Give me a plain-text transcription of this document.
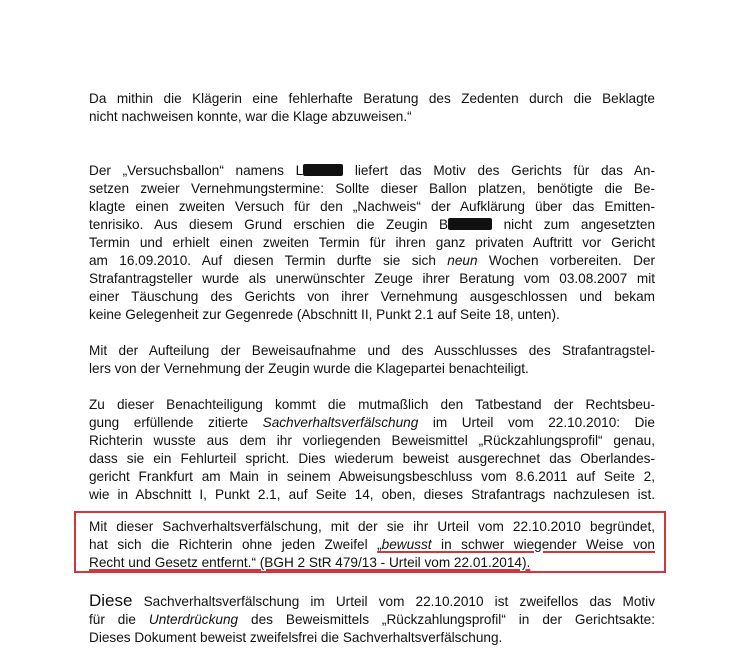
Da mithin die Klägerin eine fehlerhafte Beratung des Zedenten durch die Beklagte
nicht nachweisen konnte, war die Klage abzuweisen.“
Der „Versuchsballon“ namens L	liefert das Motiv des Gerichts für das An-
setzen zweier Vernehmungstermine: Sollte dieser Ballon platzen, benötigte die Be-
klagte einen zweiten Versuch für den „Nachweis“ der Aufklärung über das Emitten-
tenrisiko. Aus diesem Grund erschien die Zeugin B	nicht zum angesetzten
Termin und erhielt einen zweiten Termin für ihren ganz privaten Auftritt vor Gericht
am 16.09.2010. Auf diesen Termin durfte sie sich neun Wochen vorbereiten. Der
Strafantragsteller wurde als unerwünschter Zeuge ihrer Beratung vom 03.08.2007 mit
einer Täuschung des Gerichts von ihrer Vernehmung ausgeschlossen und bekam
keine Gelegenheit zur Gegenrede (Abschnitt II, Punkt 2.1 auf Seite 18, unten).
Mit der Aufteilung der Beweisaufnahme und des Ausschlusses des Strafantragstel-
lers von der Vernehmung der Zeugin wurde die Klagepartei benachteiligt.
Zu dieser Benachteiligung kommt die mutmaßlich den Tatbestand der Rechtsbeu-
gung erfüllende zitierte Sachverhaltsverfälschung im Urteil vom 22.10.2010: Die
Richterin wusste aus dem ihr vorliegenden Beweismittel „Rückzahlungsprofil“ genau,
dass sie ein Fehlurteil spricht. Dies wiederum beweist ausgerechnet das Oberlandes-
gericht Frankfurt am Main in seinem Abweisungsbeschluss vom 8.6.2011 auf Seite 2,
wie in Abschnitt I, Punkt 2.1, auf Seite 14, oben, dieses Strafantrags nachzulesen ist.
Mit dieser Sachverhaltsverfälschung, mit der sie ihr Urteil vom 22.10.2010 begründet,
hat sich die Richterin ohne jeden Zweifel „bewusst in schwer wiegender Weise von
Recht und Gesetz entfernt.“ (BGH 2 StR 479/13 - Urteil vom 22.01.2014).
Diese Sachverhaltsverfälschung im Urteil vom 22.10.2010 ist zweifellos das Motiv
für die Unterdrückung des Beweismittels „Rückzahlungsprofil“ in der Gerichtsakte:
Dieses Dokument beweist zweifelsfrei die Sachverhaltsverfälschung.
